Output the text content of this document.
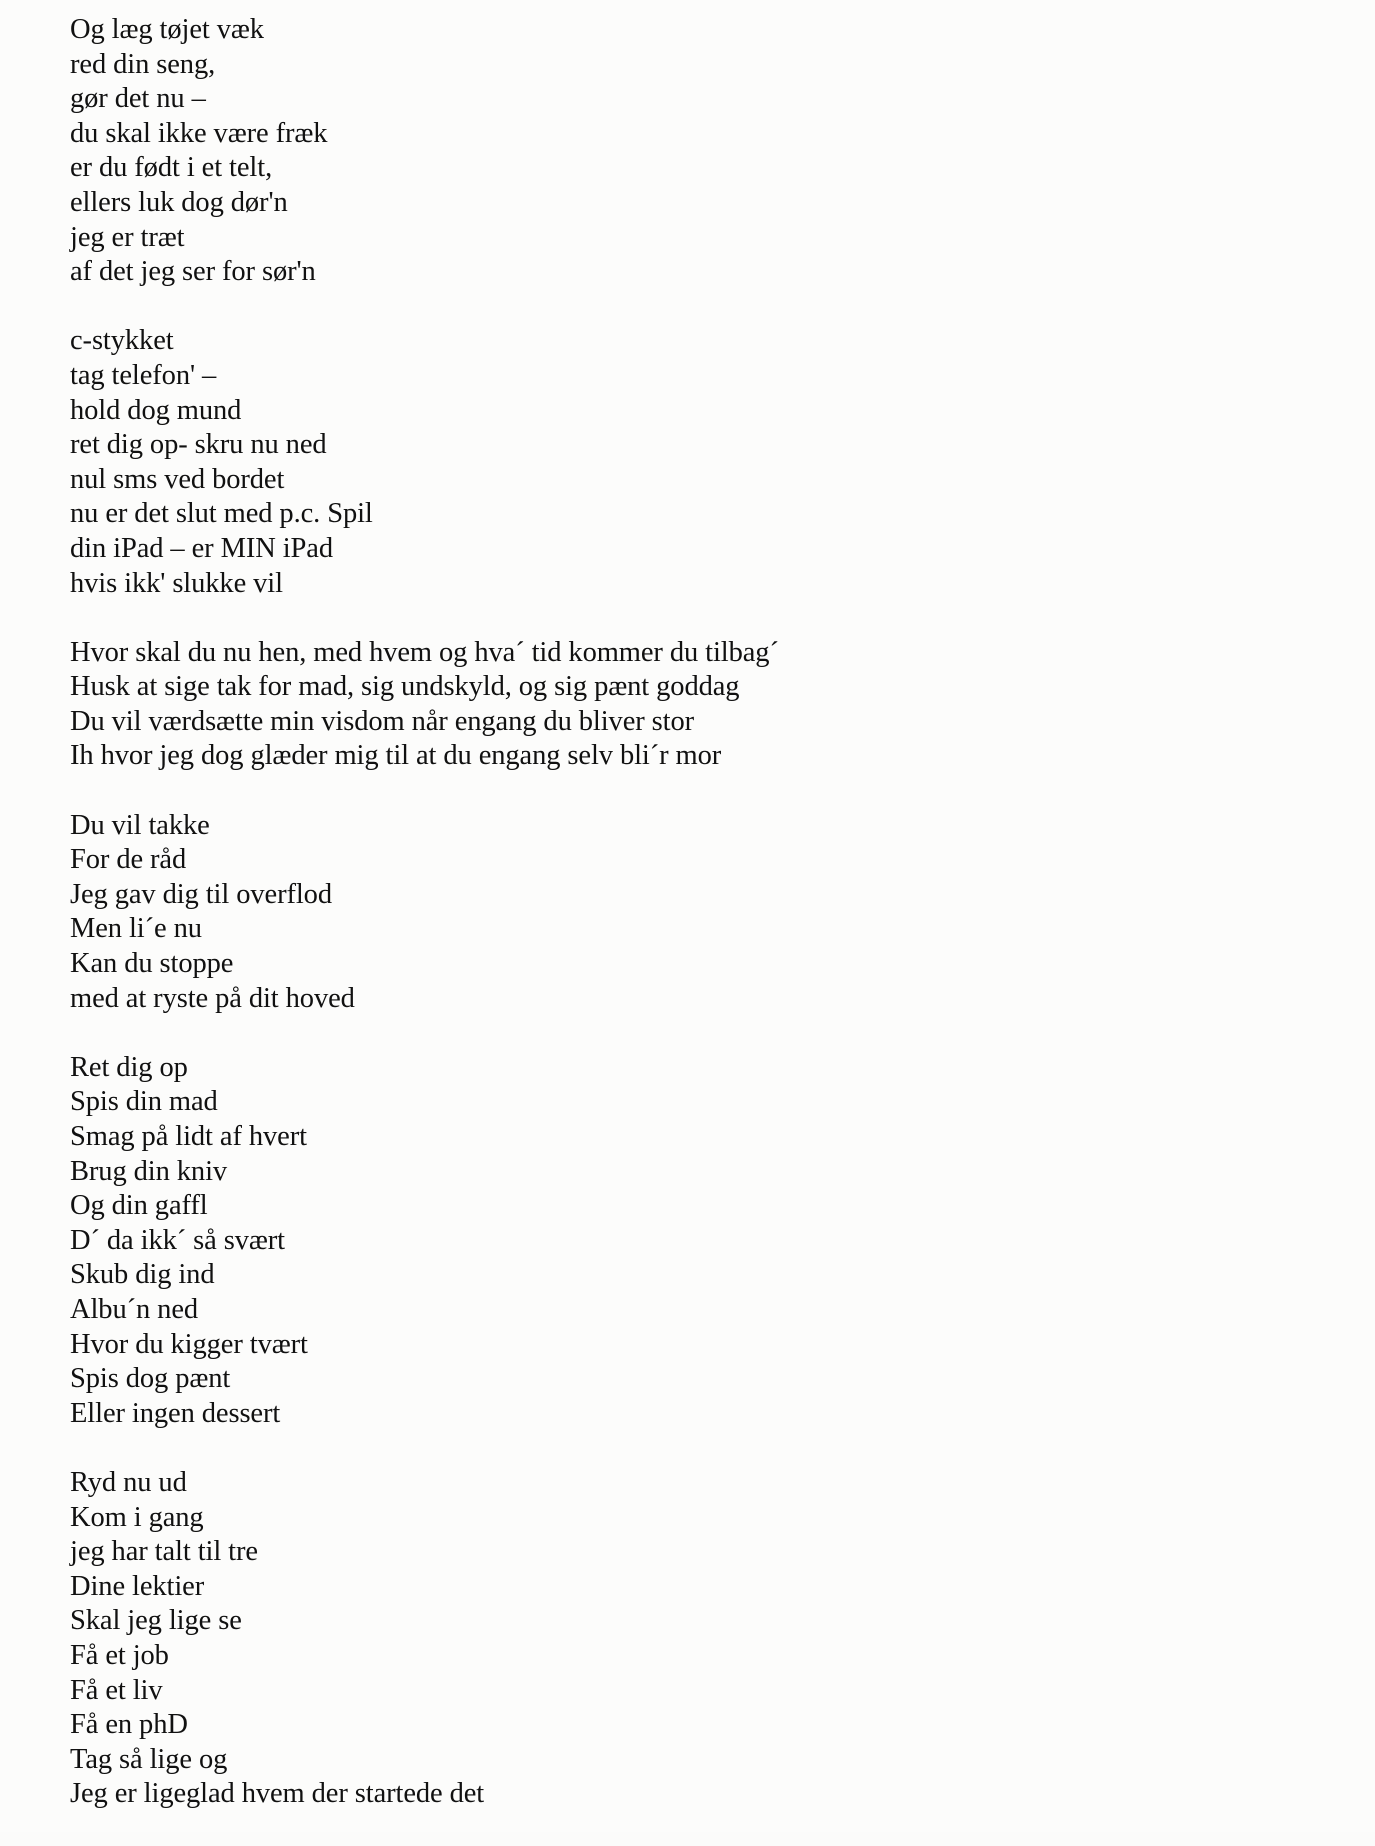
Og læg tøjet væk
red din seng,
gør det nu –
du skal ikke være fræk
er du født i et telt,
ellers luk dog dør'n
jeg er træt
af det jeg ser for sør'n
c-stykket
tag telefon' –
hold dog mund
ret dig op- skru nu ned
nul sms ved bordet
nu er det slut med p.c. Spil
din iPad – er MIN iPad
hvis ikk' slukke vil
Hvor skal du nu hen, med hvem og hva´ tid kommer du tilbag´
Husk at sige tak for mad, sig undskyld, og sig pænt goddag
Du vil værdsætte min visdom når engang du bliver stor
Ih hvor jeg dog glæder mig til at du engang selv bli´r mor
Du vil takke
For de råd
Jeg gav dig til overflod
Men li´e nu
Kan du stoppe
med at ryste på dit hoved
Ret dig op
Spis din mad
Smag på lidt af hvert
Brug din kniv
Og din gaffl
D´ da ikk´ så svært
Skub dig ind
Albu´n ned
Hvor du kigger tvært
Spis dog pænt
Eller ingen dessert
Ryd nu ud
Kom i gang
jeg har talt til tre
Dine lektier
Skal jeg lige se
Få et job
Få et liv
Få en phD
Tag så lige og
Jeg er ligeglad hvem der startede det
